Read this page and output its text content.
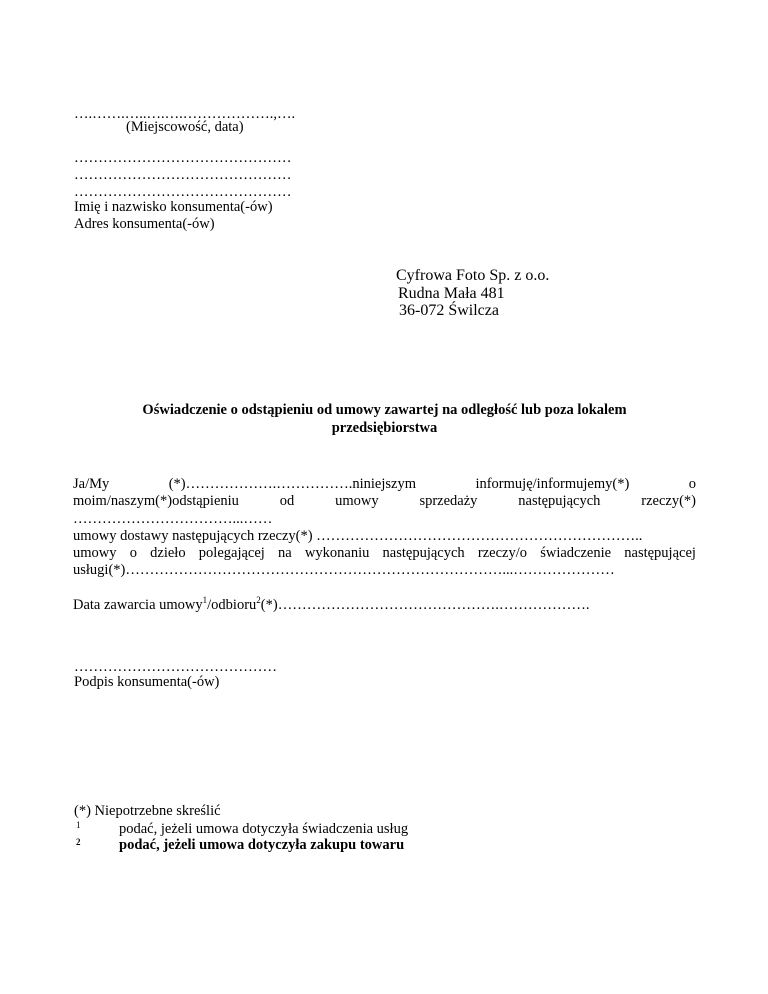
….…….…..….….……………….,….
(Miejscowość, data)
………………………………………
………………………………………
………………………………………
Imię i nazwisko konsumenta(-ów)
Adres konsumenta(-ów)
Cyfrowa Foto Sp. z o.o.
Rudna Mała 481
36-072 Świlcza
Oświadczenie o odstąpieniu od umowy zawartej na odległość lub poza lokalem
przedsiębiorstwa
Ja/My	(*)……………….…………….niniejszym	informuję/informujemy(*)	o
moim/naszym(*)odstąpieniu	od	umowy	sprzedaży	następujących	rzeczy(*)
……………………………...……
umowy dostawy następujących rzeczy(*) …………………………………………………………..
umowy o dzieło polegającej na wykonaniu następujących rzeczy/o świadczenie następującej
usługi(*)……………………………………………………………………...…………………
Data zawarcia umowy$^1$/odbioru$^2$(*)……………………………………….……………….
……………………………………
Podpis konsumenta(-ów)
(*) Niepotrzebne skreślić
1	podać, jeżeli umowa dotyczyła świadczenia usług
2	podać, jeżeli umowa dotyczyła zakupu towaru
